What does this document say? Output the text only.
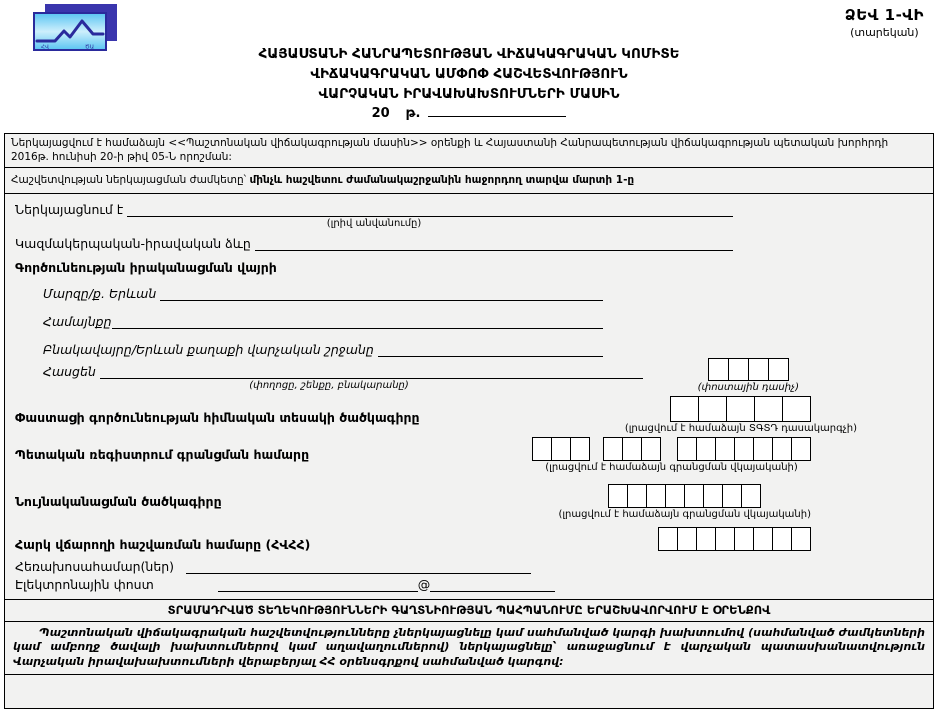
ՀՎ	ԾԱ
ՁԵՎ 1-ՎԻ
(տարեկան)
ՀԱՅԱՍՏԱՆԻ ՀԱՆՐԱՊԵՏՈՒԹՅԱՆ ՎԻՃԱԿԱԳՐԱԿԱՆ ԿՈՄԻՏԵ
ՎԻՃԱԿԱԳՐԱԿԱՆ ԱՄՓՈՓ ՀԱՇՎԵՏՎՈՒԹՅՈՒՆ
ՎԱՐՉԱԿԱՆ ԻՐԱՎԱԽԱԽՏՈՒՄՆԵՐԻ ՄԱՍԻՆ
20 թ.
Ներկայացվում է համաձայն <<Պաշտոնական վիճակագրության մասին>> օրենքի և Հայաստանի Հանրապետության վիճակագրության պետական խորհրդի 2016թ. հունիսի 20-ի թիվ 05-Ն որոշման:
Հաշվետվության ներկայացման ժամկետը՝ մինչև հաշվետու ժամանակաշրջանին հաջորդող տարվա մարտի 1-ը
Ներկայացնում է
(լրիվ անվանումը)
Կազմակերպական-իրավական ձևը
Գործունեության իրականացման վայրի
Մարզը/ք. Երևան
Համայնքը
Բնակավայրը/Երևան քաղաքի վարչական շրջանը
Հասցեն
(փողոցը, շենքը, բնակարանը)	(փոստային դասիչ)
Փաստացի գործունեության հիմնական տեսակի ծածկագիրը
(լրացվում է համաձայն ՏԳՏԴ դասակարգչի)
Պետական ռեգիստրում գրանցման համարը
(լրացվում է համաձայն գրանցման վկայականի)
Նույնականացման ծածկագիրը
(լրացվում է համաձայն գրանցման վկայականի)
Հարկ վճարողի հաշվառման համարը (ՀՎՀՀ)
Հեռախոսահամար(ներ)
Էլեկտրոնային փոստ	@
ՏՐԱՄԱԴՐՎԱԾ ՏԵՂԵԿՈՒԹՅՈՒՆՆԵՐԻ ԳԱՂՏՆԻՈՒԹՅԱՆ ՊԱՀՊԱՆՈՒՄԸ ԵՐԱՇԽԱՎՈՐՎՈՒՄ Է ՕՐԵՆՔՈՎ
Պաշտոնական վիճակագրական հաշվետվությունները չներկայացնելը կամ սահմանված կարգի խախտումով (սահմանված ժամկետների կամ ամբողջ ծավալի խախտումներով կամ աղավաղումներով) ներկայացնելը՝ առաջացնում է վարչական պատասխանատվություն Վարչական իրավախախտումների վերաբերյալ ՀՀ օրենսգրքով սահմանված կարգով:
